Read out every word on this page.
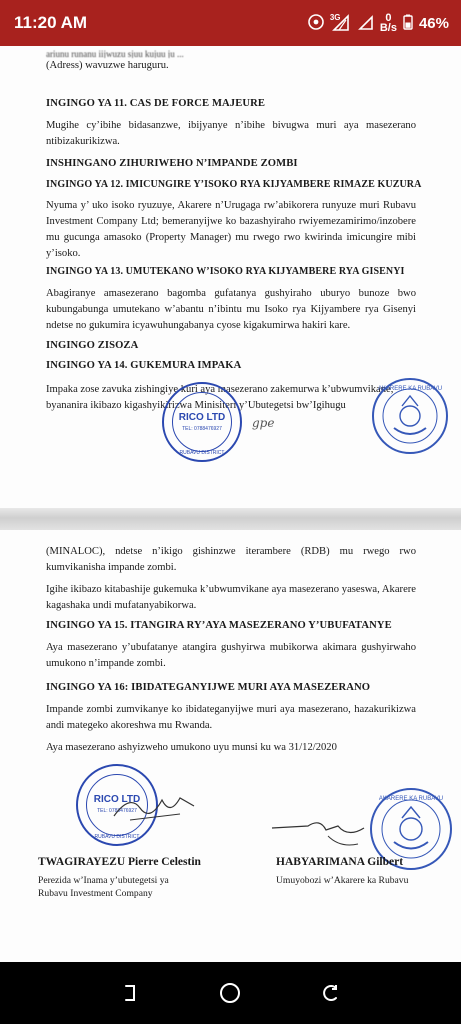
11:20 AM	3G	0
B/s 46%
ariunu runanu iijwuzu sjuu kujuu ju ...
(Adress) wavuzwe haruguru.
INGINGO YA 11. CAS DE FORCE MAJEURE
Mugihe cy’ibihe bidasanzwe, ibijyanye n’ibihe bivugwa muri aya masezerano ntibizakurikizwa.
INSHINGANO ZIHURIWEHO N’IMPANDE ZOMBI
INGINGO YA 12. IMICUNGIRE Y’ISOKO RYA KIJYAMBERE RIMAZE KUZURA
Nyuma y’ uko isoko ryuzuye, Akarere n’Urugaga rw’abikorera runyuze muri Rubavu Investment Company Ltd; bemeranyijwe ko bazashyiraho rwiyemezamirimo/inzobere mu gucunga amasoko (Property Manager) mu rwego rwo kwirinda imicungire mibi y’isoko.
INGINGO YA 13. UMUTEKANO W’ISOKO RYA KIJYAMBERE RYA GISENYI
Abagiranye amasezerano bagomba gufatanya gushyiraho uburyo bunoze bwo kubungabunga umutekano w’abantu n’ibintu mu Isoko rya Kijyambere rya Gisenyi ndetse no gukumira icyawuhungabanya cyose kigakumirwa hakiri kare.
INGINGO ZISOZA
INGINGO YA 14. GUKEMURA IMPAKA
Impaka zose zavuka zishingiye kuri aya masezerano zakemurwa k’ubwumvikane,
byananira ikibazo kigashyikirizwa Minisiteri y’Ubutegetsi bw’Igihugu
RICO LTD
TEL: 0788476927
RUBAVU DISTRICT
gpe
AKARERE KA RUBAVU
(MINALOC), ndetse n’ikigo gishinzwe iterambere (RDB) mu rwego rwo kumvikanisha impande zombi.
Igihe ikibazo kitabashije gukemuka k’ubwumvikane aya masezerano yaseswa, Akarere kagashaka undi mufatanyabikorwa.
INGINGO YA 15. ITANGIRA RY’AYA MASEZERANO Y’UBUFATANYE
Aya masezerano y’ubufatanye atangira gushyirwa mubikorwa akimara gushyirwaho umukono n’impande zombi.
INGINGO YA 16: IBIDATEGANYIJWE MURI AYA MASEZERANO
Impande zombi zumvikanye ko ibidateganyijwe muri aya masezerano, hazakurikizwa andi mategeko akoreshwa mu Rwanda.
Aya masezerano ashyizweho umukono uyu munsi ku wa 31/12/2020
RICO LTD
TEL: 0788476927
RUBAVU DISTRICT
AKARERE KA RUBAVU
TWAGIRAYEZU Pierre Celestin
Perezida w’Inama y’ubutegetsi ya
Rubavu Investment Company
HABYARIMANA Gilbert
Umuyobozi w’Akarere ka Rubavu
